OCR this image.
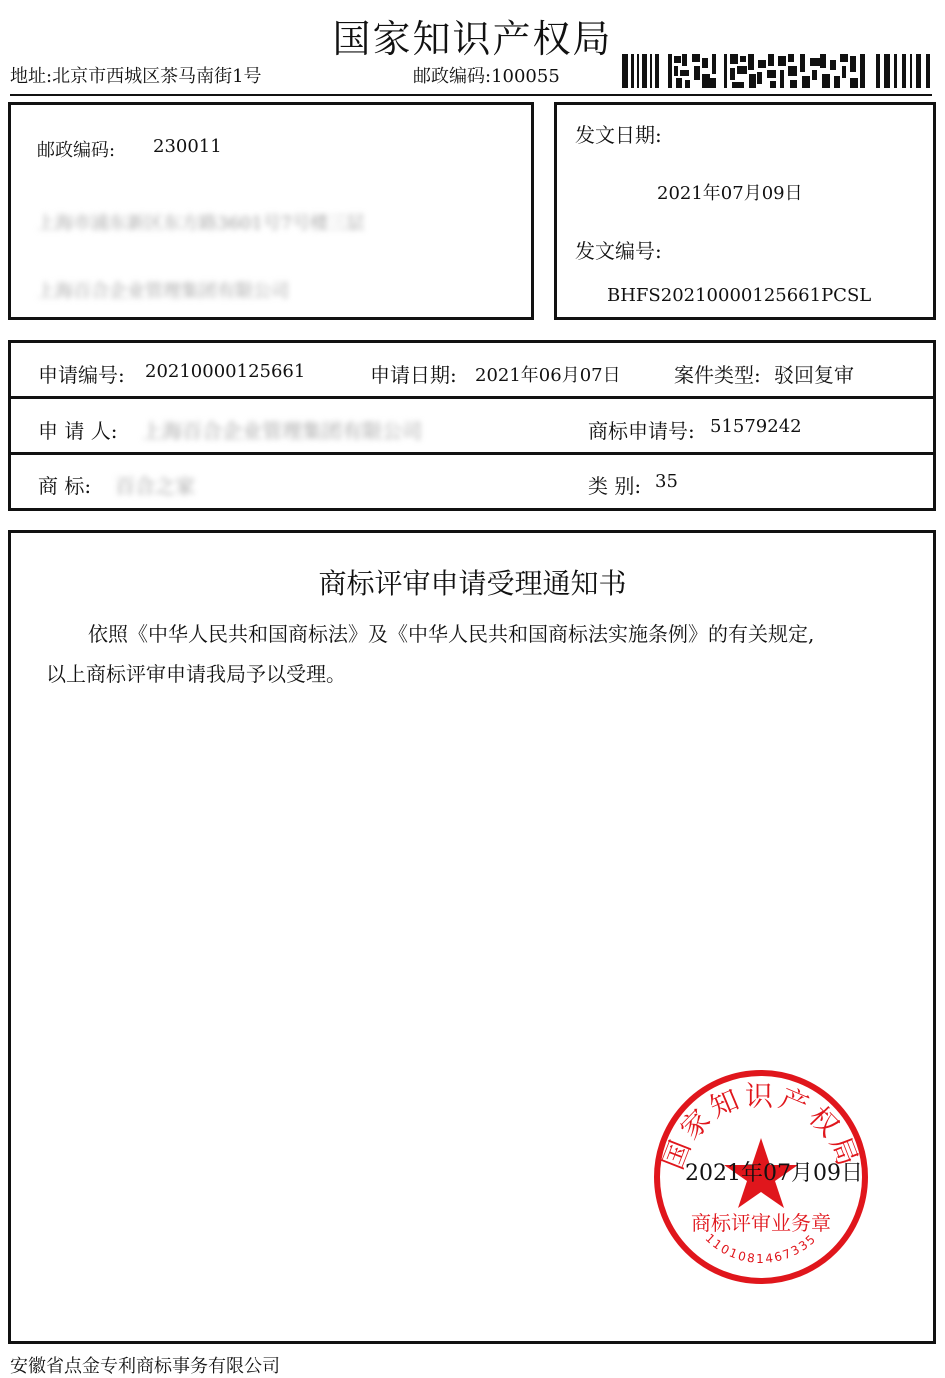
国家知识产权局
地址:北京市西城区茶马南街1号	邮政编码:100055
邮政编码: 230011
上海市浦东新区东方路3601号7号楼三层
上海百合企业管理集团有限公司
发文日期:
2021年07月09日
发文编号:
BHFS20210000125661PCSL
申请编号: 20210000125661	申请日期: 2021年06月07日	案件类型: 驳回复审
申 请 人: 上海百合企业管理集团有限公司	商标申请号: 51579242
商 标: 百合之家	类 别: 35
商标评审申请受理通知书
依照《中华人民共和国商标法》及《中华人民共和国商标法实施条例》的有关规定,
以上商标评审申请我局予以受理。
国家知识产权局
商标评审业务章
1101081467335
2021年07月09日
安徽省点金专利商标事务有限公司
